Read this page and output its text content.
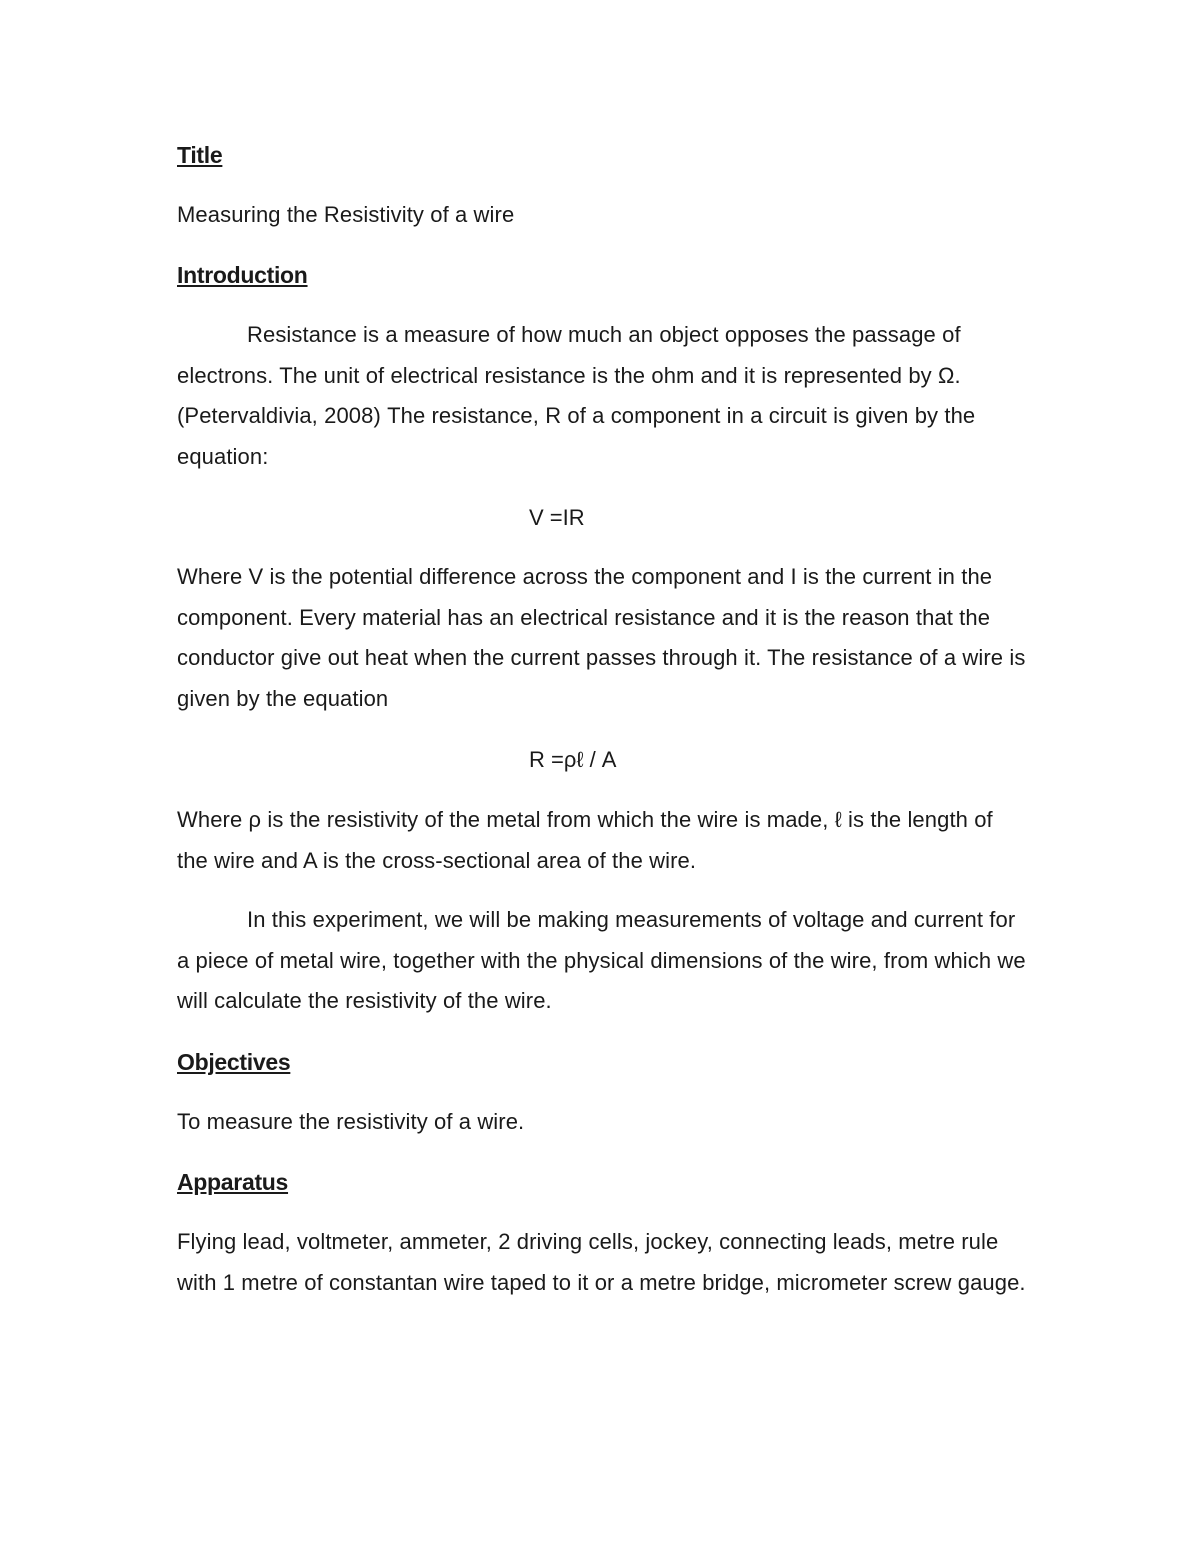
Title
Measuring the Resistivity of a wire
Introduction
Resistance is a measure of how much an object opposes the passage of electrons. The unit of electrical resistance is the ohm and it is represented by Ω. (Petervaldivia, 2008) The resistance, R of a component in a circuit is given by the equation:
V =IR
Where V is the potential difference across the component and I is the current in the component. Every material has an electrical resistance and it is the reason that the conductor give out heat when the current passes through it. The resistance of a wire is given by the equation
R =ρℓ / A
Where ρ is the resistivity of the metal from which the wire is made, ℓ is the length of the wire and A is the cross-sectional area of the wire.
In this experiment, we will be making measurements of voltage and current for a piece of metal wire, together with the physical dimensions of the wire, from which we will calculate the resistivity of the wire.
Objectives
To measure the resistivity of a wire.
Apparatus
Flying lead, voltmeter, ammeter, 2 driving cells, jockey, connecting leads, metre rule with 1 metre of constantan wire taped to it or a metre bridge, micrometer screw gauge.
